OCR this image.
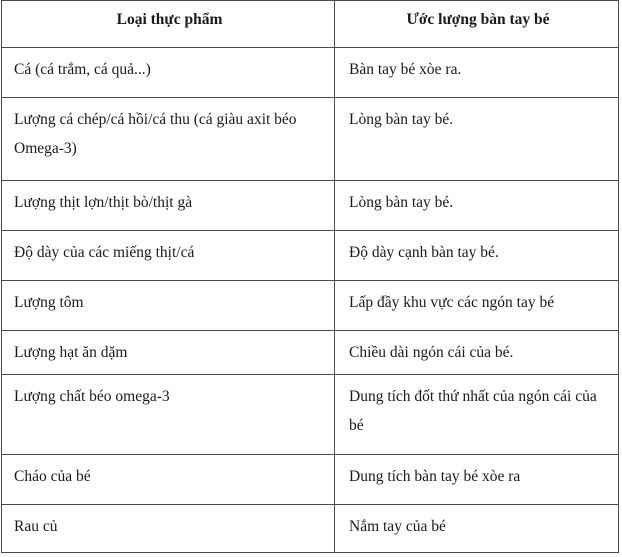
Loại thực phẩm	Ước lượng bàn tay bé
Cá (cá trắm, cá quả...)	Bàn tay bé xòe ra.
Lượng cá chép/cá hồi/cá thu (cá giàu axit béo Omega-3)	Lòng bàn tay bé.
Lượng thịt lợn/thịt bò/thịt gà	Lòng bàn tay bé.
Độ dày của các miếng thịt/cá	Độ dày cạnh bàn tay bé.
Lượng tôm	Lấp đầy khu vực các ngón tay bé
Lượng hạt ăn dặm	Chiều dài ngón cái của bé.
Lượng chất béo omega-3	Dung tích đốt thứ nhất của ngón cái của bé
Cháo của bé	Dung tích bàn tay bé xòe ra
Rau củ	Nắm tay của bé
